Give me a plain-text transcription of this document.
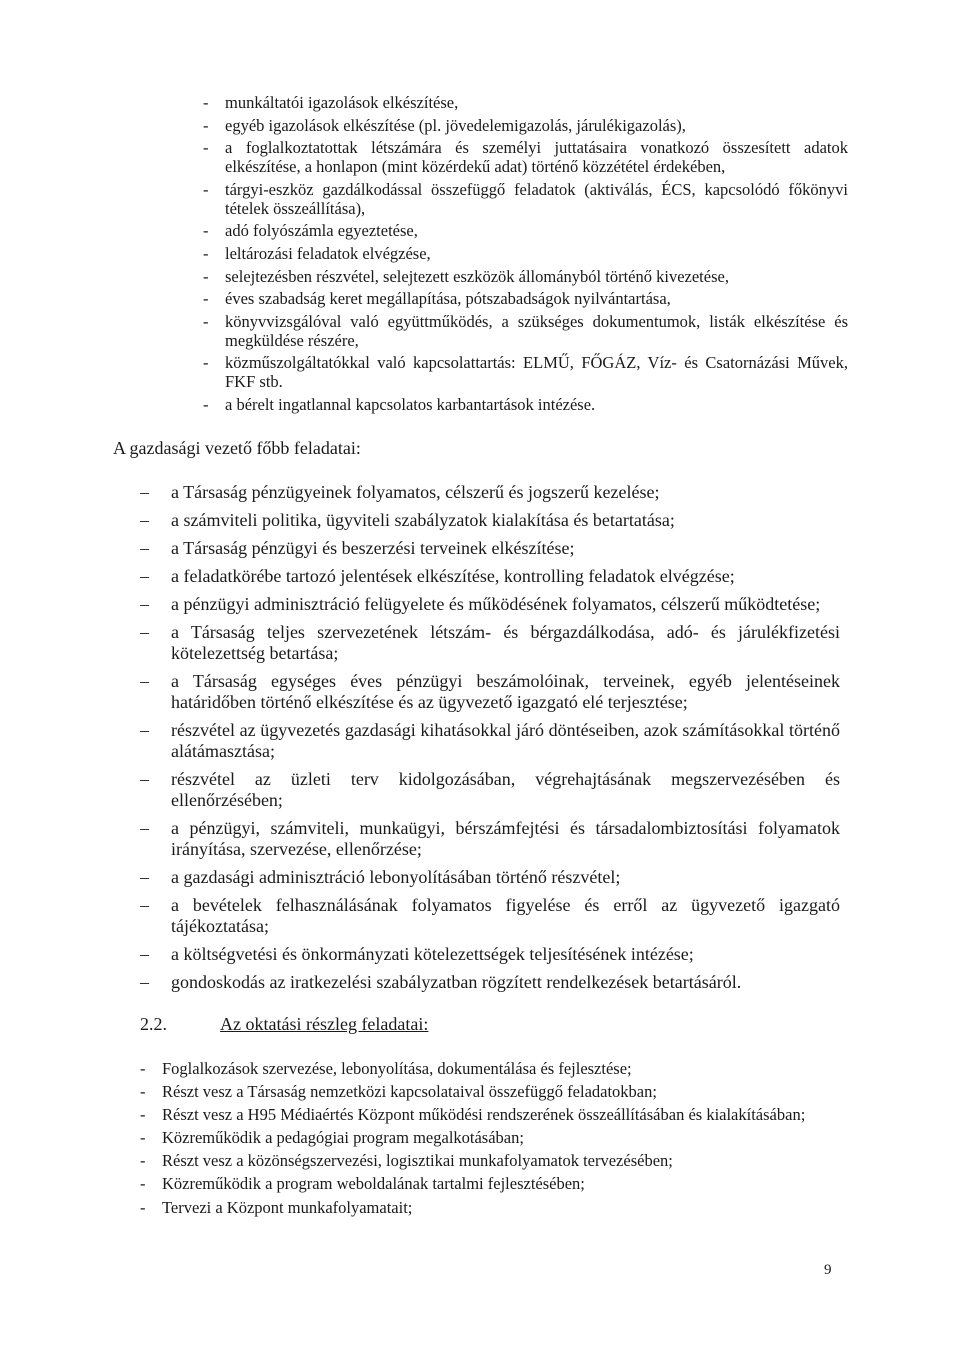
- munkáltatói igazolások elkészítése,
- egyéb igazolások elkészítése (pl. jövedelemigazolás, járulékigazolás),
- a foglalkoztatottak létszámára és személyi juttatásaira vonatkozó összesített adatok elkészítése, a honlapon (mint közérdekű adat) történő közzététel érdekében,
- tárgyi-eszköz gazdálkodással összefüggő feladatok (aktiválás, ÉCS, kapcsolódó főkönyvi tételek összeállítása),
- adó folyószámla egyeztetése,
- leltározási feladatok elvégzése,
- selejtezésben részvétel, selejtezett eszközök állományból történő kivezetése,
- éves szabadság keret megállapítása, pótszabadságok nyilvántartása,
- könyvvizsgálóval való együttműködés, a szükséges dokumentumok, listák elkészítése és megküldése részére,
- közműszolgáltatókkal való kapcsolattartás: ELMŰ, FŐGÁZ, Víz- és Csatornázási Művek, FKF stb.
- a bérelt ingatlannal kapcsolatos karbantartások intézése.
A gazdasági vezető főbb feladatai:
– a Társaság pénzügyeinek folyamatos, célszerű és jogszerű kezelése;
– a számviteli politika, ügyviteli szabályzatok kialakítása és betartatása;
– a Társaság pénzügyi és beszerzési terveinek elkészítése;
– a feladatkörébe tartozó jelentések elkészítése, kontrolling feladatok elvégzése;
– a pénzügyi adminisztráció felügyelete és működésének folyamatos, célszerű működtetése;
– a Társaság teljes szervezetének létszám- és bérgazdálkodása, adó- és járulékfizetési kötelezettség betartása;
– a Társaság egységes éves pénzügyi beszámolóinak, terveinek, egyéb jelentéseinek határidőben történő elkészítése és az ügyvezető igazgató elé terjesztése;
– részvétel az ügyvezetés gazdasági kihatásokkal járó döntéseiben, azok számításokkal történő alátámasztása;
– részvétel az üzleti terv kidolgozásában, végrehajtásának megszervezésében és ellenőrzésében;
– a pénzügyi, számviteli, munkaügyi, bérszámfejtési és társadalombiztosítási folyamatok irányítása, szervezése, ellenőrzése;
– a gazdasági adminisztráció lebonyolításában történő részvétel;
– a bevételek felhasználásának folyamatos figyelése és erről az ügyvezető igazgató tájékoztatása;
– a költségvetési és önkormányzati kötelezettségek teljesítésének intézése;
– gondoskodás az iratkezelési szabályzatban rögzített rendelkezések betartásáról.
2.2.	Az oktatási részleg feladatai:
- Foglalkozások szervezése, lebonyolítása, dokumentálása és fejlesztése;
- Részt vesz a Társaság nemzetközi kapcsolataival összefüggő feladatokban;
- Részt vesz a H95 Médiaértés Központ működési rendszerének összeállításában és kialakításában;
- Közreműködik a pedagógiai program megalkotásában;
- Részt vesz a közönségszervezési, logisztikai munkafolyamatok tervezésében;
- Közreműködik a program weboldalának tartalmi fejlesztésében;
- Tervezi a Központ munkafolyamatait;
9
